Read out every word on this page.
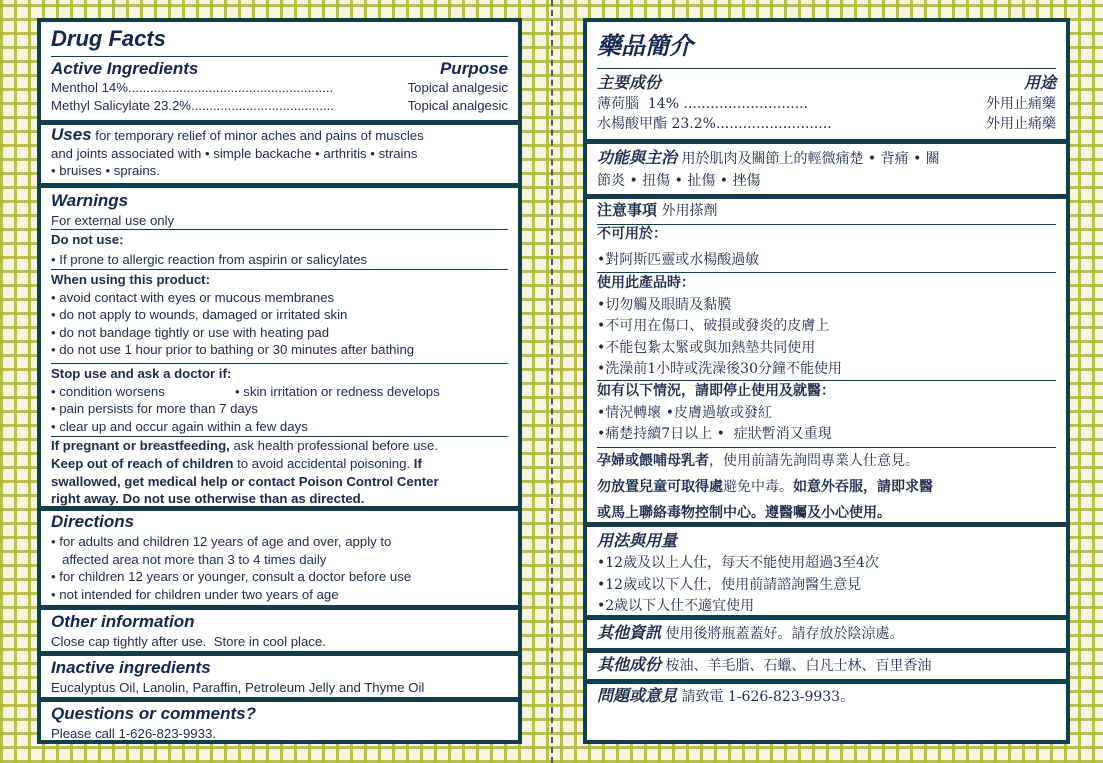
Drug Facts
Active Ingredients	Purpose
Menthol 14% ........................................................	Topical analgesic
Methyl Salicylate 23.2% .......................................	Topical analgesic

Uses for temporary relief of minor aches and pains of muscles

and joints associated with • simple backache • arthritis • strains

• bruises • sprains.

Warnings

For external use only

Do not use:

• If prone to allergic reaction from aspirin or salicylates

When using this product:

• avoid contact with eyes or mucous membranes

• do not apply to wounds, damaged or irritated skin

• do not bandage tightly or use with heating pad

• do not use 1 hour prior to bathing or 30 minutes after bathing

Stop use and ask a doctor if:

• condition worsens	• skin irritation or redness develops

• pain persists for more than 7 days

• clear up and occur again within a few days

If pregnant or breastfeeding, ask health professional before use.

Keep out of reach of children to avoid accidental poisoning. If

swallowed, get medical help or contact Poison Control Center

right away. Do not use otherwise than as directed.

Directions

• for adults and children 12 years of age and over, apply to

affected area not more than 3 to 4 times daily

• for children 12 years or younger, consult a doctor before use

• not intended for children under two years of age

Other information

Close cap tightly after use.  Store in cool place.

Inactive ingredients

Eucalyptus Oil, Lanolin, Paraffin, Petroleum Jelly and Thyme Oil

Questions or comments?

Please call 1-626-823-9933.

藥品簡介
主要成份	用途
薄荷腦  14% ............................	外用止痛藥
水楊酸甲酯 23.2% ..........................	外用止痛藥
功能與主治 用於肌肉及關節上的輕微痛楚 • 背痛 • 關
節炎 • 扭傷 • 扯傷 • 挫傷
注意事項 外用搽劑
不可用於：
•對阿斯匹靈或水楊酸過敏
使用此產品時：
•切勿觸及眼睛及黏膜
•不可用在傷口、破損或發炎的皮膚上
•不能包紮太緊或與加熱墊共同使用
•洗澡前1小時或洗澡後30分鐘不能使用
如有以下情況，請即停止使用及就醫：
•情況轉壞 •皮膚過敏或發紅
•痛楚持續7日以上 •  症狀暫消又重現
孕婦或餵哺母乳者，使用前請先詢問專業人仕意見。
勿放置兒童可取得處避免中毒。如意外吞服，請即求醫
或馬上聯絡毒物控制中心。遵醫囑及小心使用。
用法與用量
•12歲及以上人仕，每天不能使用超過3至4次
•12歲或以下人仕，使用前請諮詢醫生意見
•2歲以下人仕不適宜使用
其他資訊 使用後將瓶蓋蓋好。請存放於陰涼處。
其他成份 桉油、羊毛脂、石蠟、白凡士林、百里香油
問題或意見 請致電 1-626-823-9933。
